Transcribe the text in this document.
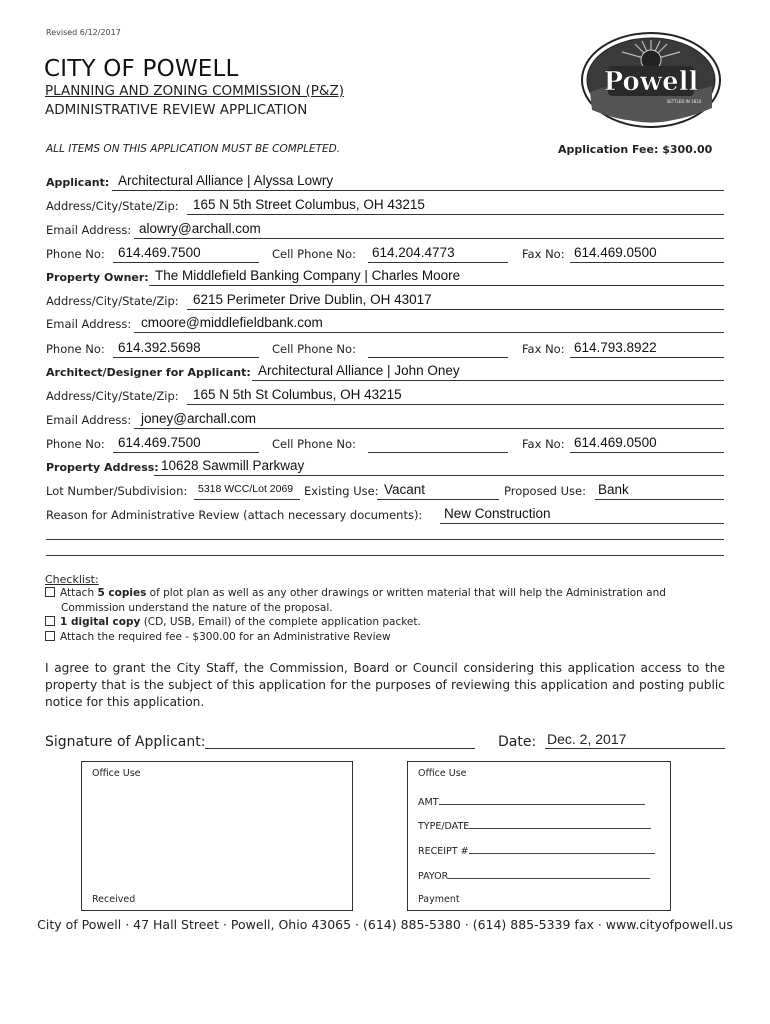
Revised 6/12/2017
CITY OF POWELL
PLANNING AND ZONING COMMISSION (P&Z)
ADMINISTRATIVE REVIEW APPLICATION
ALL ITEMS ON THIS APPLICATION MUST BE COMPLETED.	Application Fee: $300.00
Powell
SETTLED IN 1810
Applicant: Architectural Alliance | Alyssa Lowry
Address/City/State/Zip: 165 N 5th Street Columbus, OH 43215
Email Address: alowry@archall.com
Phone No: 614.469.7500	Cell Phone No: 614.204.4773	Fax No: 614.469.0500
Property Owner: The Middlefield Banking Company | Charles Moore
Address/City/State/Zip: 6215 Perimeter Drive Dublin, OH 43017
Email Address: cmoore@middlefieldbank.com
Phone No: 614.392.5698	Cell Phone No:	Fax No: 614.793.8922
Architect/Designer for Applicant: Architectural Alliance | John Oney
Address/City/State/Zip: 165 N 5th St Columbus, OH 43215
Email Address: joney@archall.com
Phone No: 614.469.7500	Cell Phone No:	Fax No: 614.469.0500
Property Address: 10628 Sawmill Parkway
Lot Number/Subdivision: 5318 WCC/Lot 2069 Existing Use: Vacant	Proposed Use: Bank
Reason for Administrative Review (attach necessary documents): New Construction
Checklist:
Attach 5 copies of plot plan as well as any other drawings or written material that will help the Administration and
Commission understand the nature of the proposal.
1 digital copy (CD, USB, Email) of the complete application packet.
Attach the required fee - $300.00 for an Administrative Review
I agree to grant the City Staff, the Commission, Board or Council considering this application access to the property that is the subject of this application for the purposes of reviewing this application and posting public notice for this application.
Signature of Applicant:	Date: Dec. 2, 2017
Office Use
Received
Office Use
AMT
TYPE/DATE
RECEIPT #
PAYOR
Payment
City of Powell · 47 Hall Street · Powell, Ohio 43065 · (614) 885-5380 · (614) 885-5339 fax · www.cityofpowell.us
